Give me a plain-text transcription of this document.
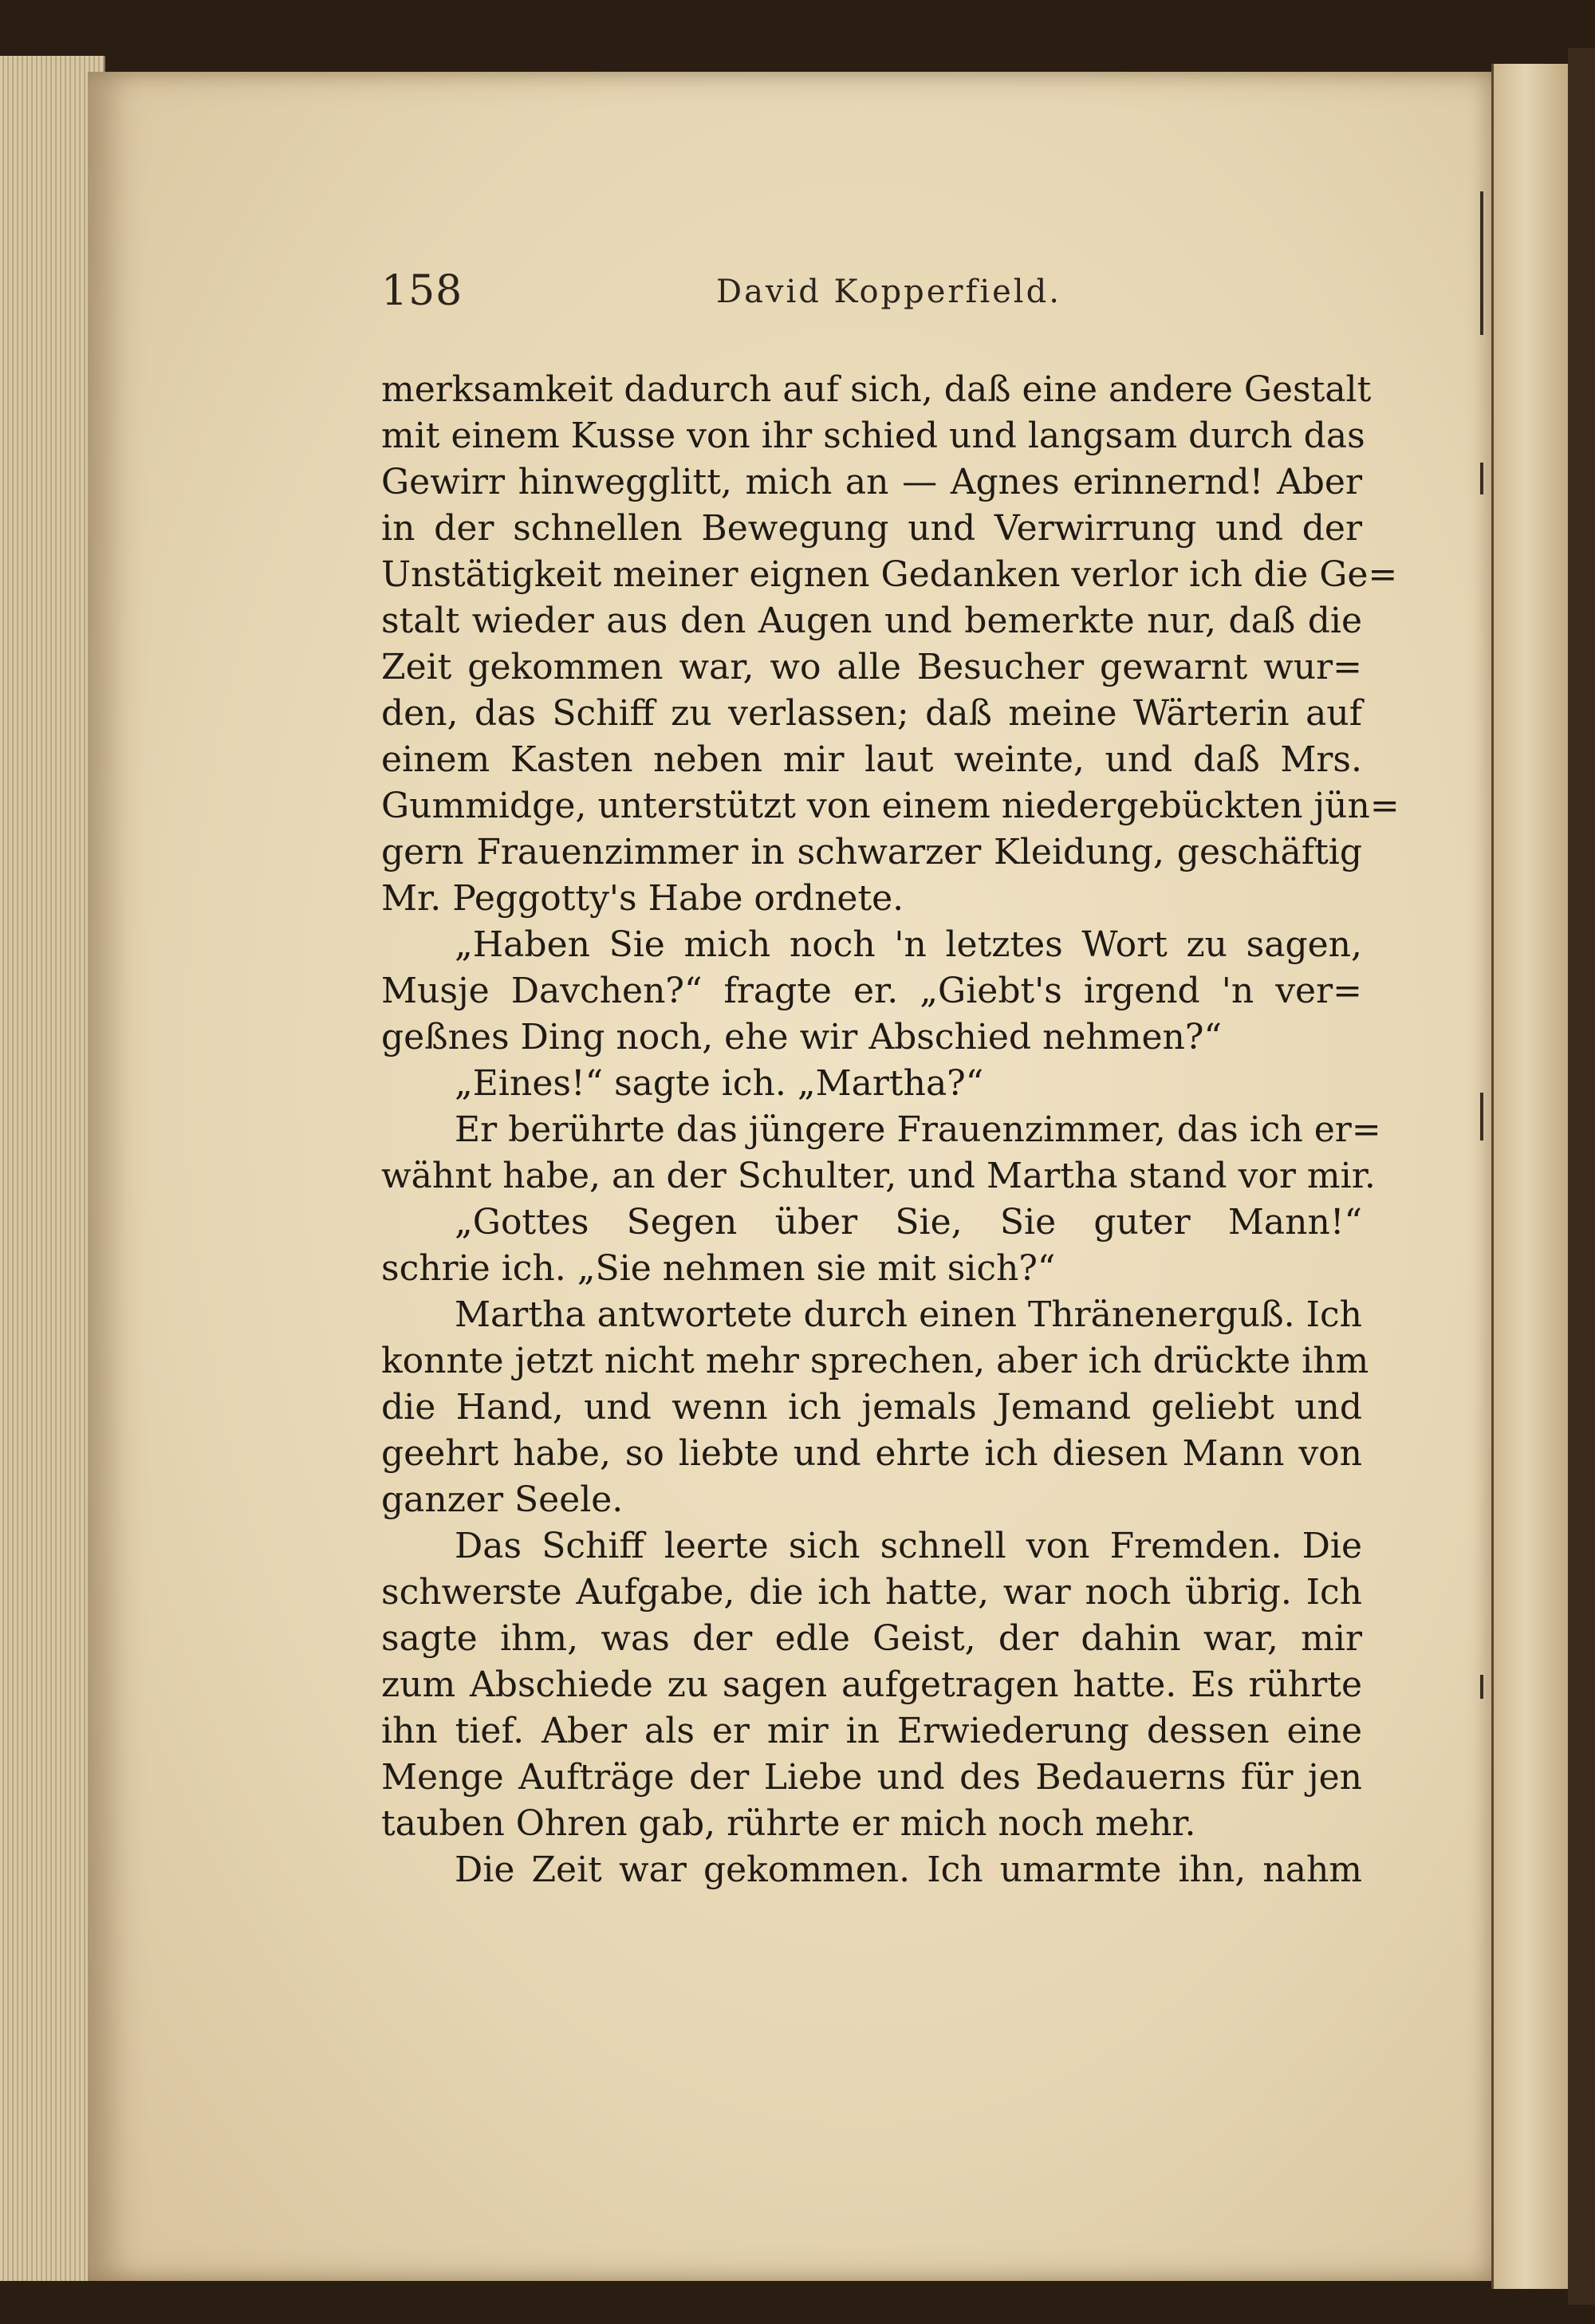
158	David Kopperfield.
merksamkeit dadurch auf sich, daß eine andere Gestalt
mit einem Kusse von ihr schied und langsam durch das
Gewirr hinwegglitt, mich an — Agnes erinnernd! Aber
in der schnellen Bewegung und Verwirrung und der
Unstätigkeit meiner eignen Gedanken verlor ich die Ge=
stalt wieder aus den Augen und bemerkte nur, daß die
Zeit gekommen war, wo alle Besucher gewarnt wur=
den, das Schiff zu verlassen; daß meine Wärterin auf
einem Kasten neben mir laut weinte, und daß Mrs.
Gummidge, unterstützt von einem niedergebückten jün=
gern Frauenzimmer in schwarzer Kleidung, geschäftig
Mr. Peggotty's Habe ordnete.
„Haben Sie mich noch 'n letztes Wort zu sagen,
Musje Davchen?“ fragte er. „Giebt's irgend 'n ver=
geßnes Ding noch, ehe wir Abschied nehmen?“
„Eines!“ sagte ich. „Martha?“
Er berührte das jüngere Frauenzimmer, das ich er=
wähnt habe, an der Schulter, und Martha stand vor mir.
„Gottes Segen über Sie, Sie guter Mann!“
schrie ich. „Sie nehmen sie mit sich?“
Martha antwortete durch einen Thränenerguß. Ich
konnte jetzt nicht mehr sprechen, aber ich drückte ihm
die Hand, und wenn ich jemals Jemand geliebt und
geehrt habe, so liebte und ehrte ich diesen Mann von
ganzer Seele.
Das Schiff leerte sich schnell von Fremden. Die
schwerste Aufgabe, die ich hatte, war noch übrig. Ich
sagte ihm, was der edle Geist, der dahin war, mir
zum Abschiede zu sagen aufgetragen hatte. Es rührte
ihn tief. Aber als er mir in Erwiederung dessen eine
Menge Aufträge der Liebe und des Bedauerns für jen
tauben Ohren gab, rührte er mich noch mehr.
Die Zeit war gekommen. Ich umarmte ihn, nahm
